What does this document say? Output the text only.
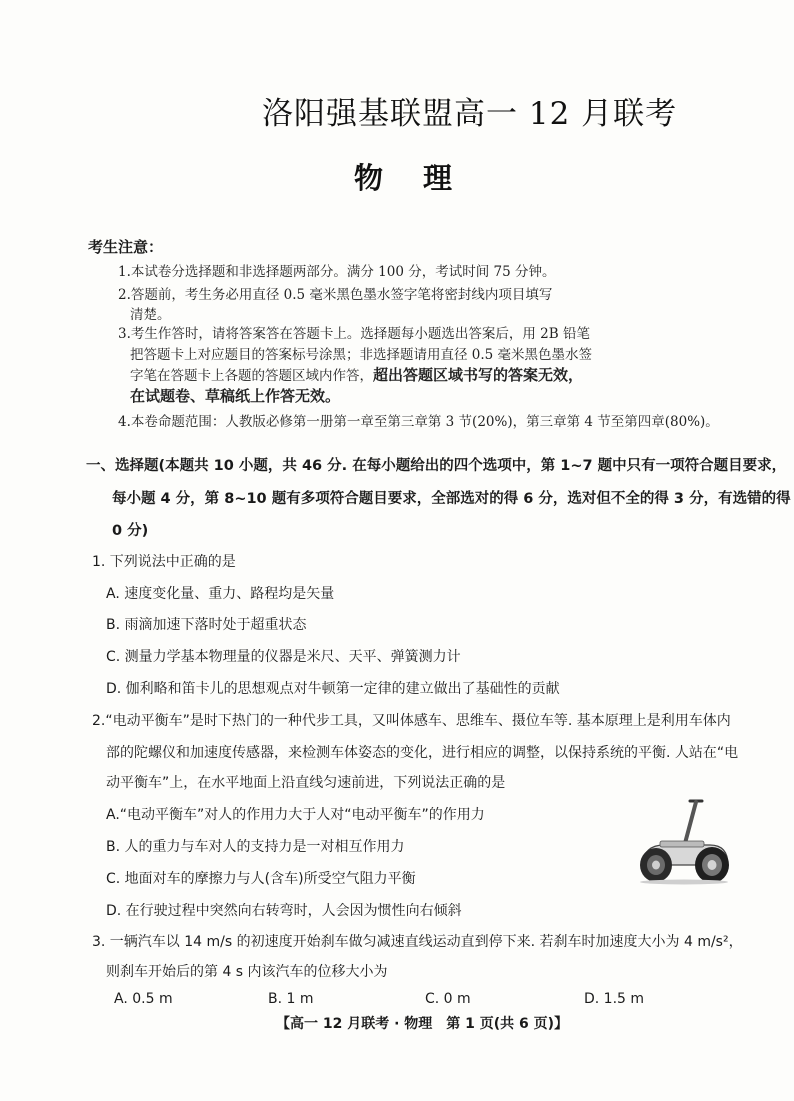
洛阳强基联盟高一 12 月联考
物理
考生注意：
1.本试卷分选择题和非选择题两部分。满分 100 分，考试时间 75 分钟。
2.答题前，考生务必用直径 0.5 毫米黑色墨水签字笔将密封线内项目填写
清楚。
3.考生作答时，请将答案答在答题卡上。选择题每小题选出答案后，用 2B 铅笔
把答题卡上对应题目的答案标号涂黑；非选择题请用直径 0.5 毫米黑色墨水签
字笔在答题卡上各题的答题区域内作答，超出答题区域书写的答案无效，
在试题卷、草稿纸上作答无效。
4.本卷命题范围：人教版必修第一册第一章至第三章第 3 节(20%)，第三章第 4 节至第四章(80%)。
一、选择题(本题共 10 小题，共 46 分. 在每小题给出的四个选项中，第 1~7 题中只有一项符合题目要求，
每小题 4 分，第 8~10 题有多项符合题目要求，全部选对的得 6 分，选对但不全的得 3 分，有选错的得
0 分)
1. 下列说法中正确的是
A. 速度变化量、重力、路程均是矢量
B. 雨滴加速下落时处于超重状态
C. 测量力学基本物理量的仪器是米尺、天平、弹簧测力计
D. 伽利略和笛卡儿的思想观点对牛顿第一定律的建立做出了基础性的贡献
2.“电动平衡车”是时下热门的一种代步工具，又叫体感车、思维车、摄位车等. 基本原理上是利用车体内
部的陀螺仪和加速度传感器，来检测车体姿态的变化，进行相应的调整，以保持系统的平衡. 人站在“电
动平衡车”上，在水平地面上沿直线匀速前进，下列说法正确的是
A.“电动平衡车”对人的作用力大于人对“电动平衡车”的作用力
B. 人的重力与车对人的支持力是一对相互作用力
C. 地面对车的摩擦力与人(含车)所受空气阻力平衡
D. 在行驶过程中突然向右转弯时，人会因为惯性向右倾斜
3. 一辆汽车以 14 m/s 的初速度开始刹车做匀减速直线运动直到停下来. 若刹车时加速度大小为 4 m/s²，
则刹车开始后的第 4 s 内该汽车的位移大小为
A. 0.5 m	B. 1 m	C. 0 m	D. 1.5 m
【高一 12 月联考 · 物理　第 1 页(共 6 页)】
